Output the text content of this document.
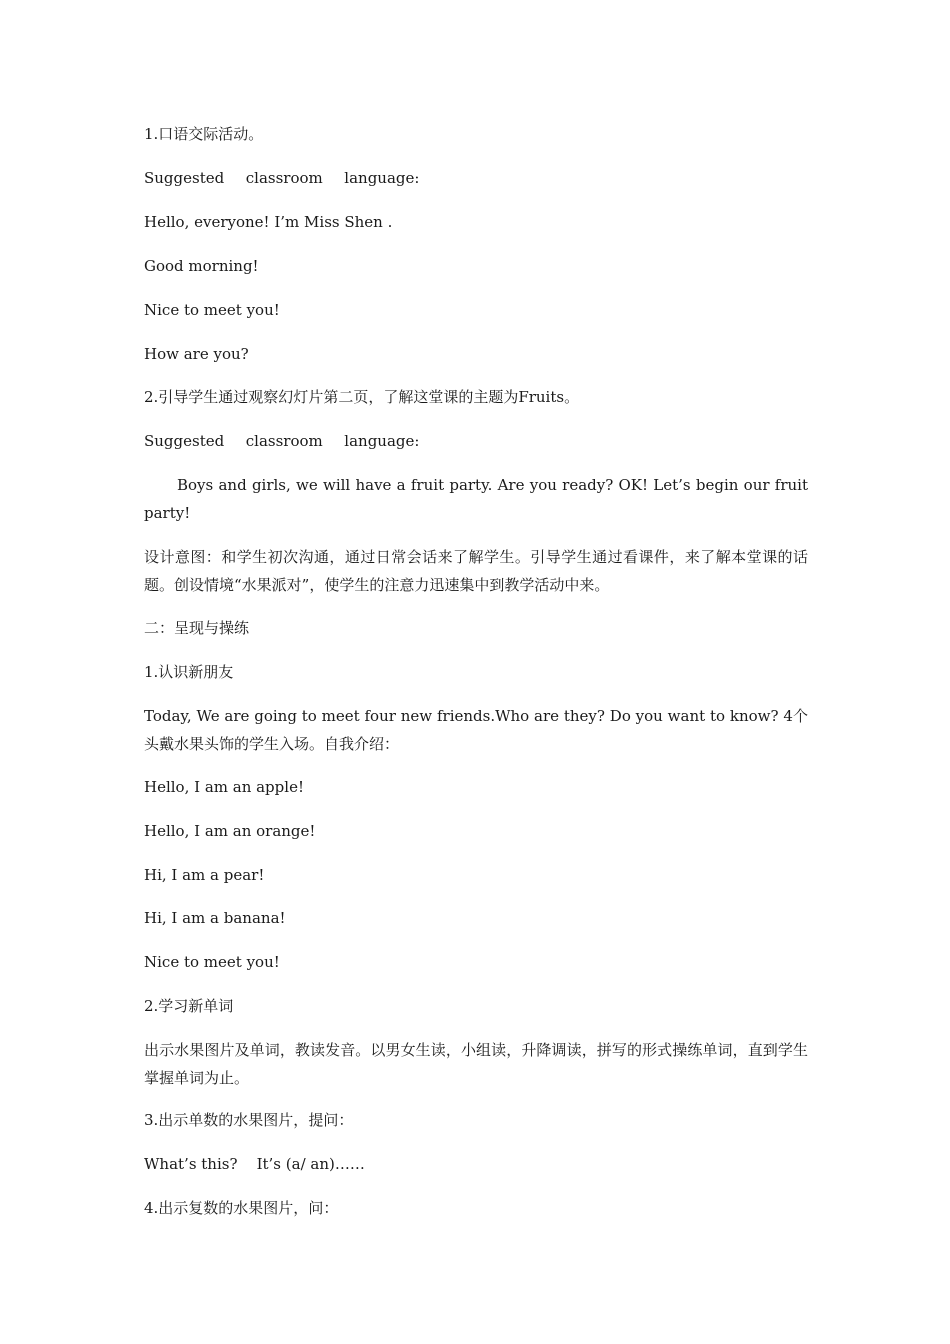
1.口语交际活动。
Suggested  classroom  language:
Hello, everyone! I’m Miss Shen .
Good morning!
Nice to meet you!
How are you?
2.引导学生通过观察幻灯片第二页，了解这堂课的主题为Fruits。
Suggested  classroom  language:
Boys and girls, we will have a fruit party. Are you ready? OK! Let’s begin our fruit party!
设计意图：和学生初次沟通，通过日常会话来了解学生。引导学生通过看课件，来了解本堂课的话题。创设情境“水果派对”，使学生的注意力迅速集中到教学活动中来。
二：呈现与操练
1.认识新朋友
Today, We are going to meet four new friends.Who are they? Do you want to know? 4个头戴水果头饰的学生入场。自我介绍：
Hello, I am an apple!
Hello, I am an orange!
Hi, I am a pear!
Hi, I am a banana!
Nice to meet you!
2.学习新单词
出示水果图片及单词，教读发音。以男女生读，小组读，升降调读，拼写的形式操练单词，直到学生掌握单词为止。
3.出示单数的水果图片，提问：
What’s this?    It’s (a/ an)……
4.出示复数的水果图片，问：
